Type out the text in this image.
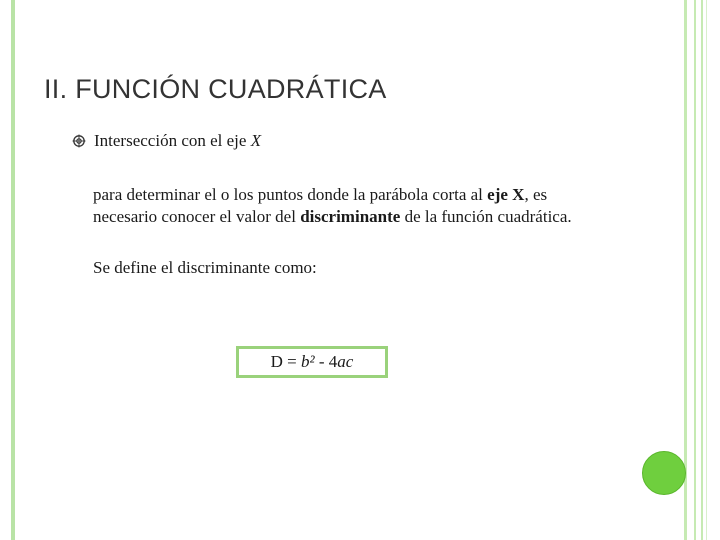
II. FUNCIÓN CUADRÁTICA
Intersección con el eje X
para determinar el o los puntos donde la parábola corta al eje X, es
necesario conocer el valor del discriminante de la función cuadrática.
Se define el discriminante como:
D = b² - 4ac
